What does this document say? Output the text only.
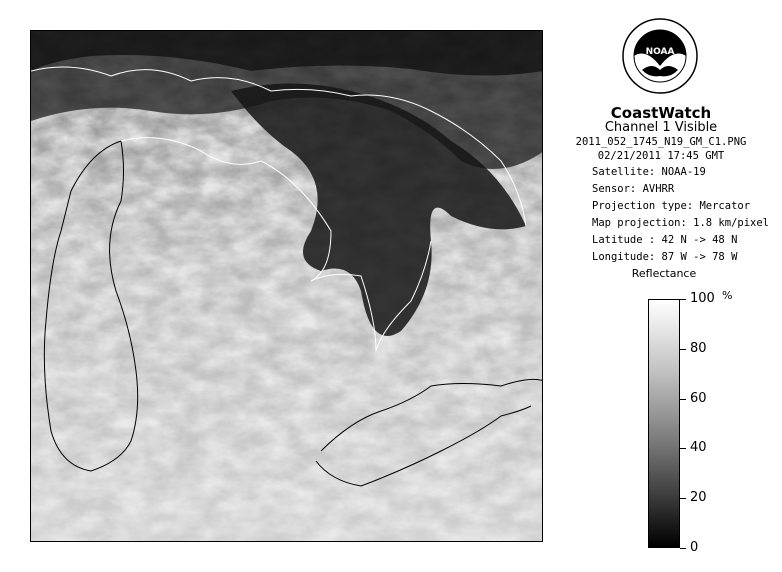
NOAA
CoastWatch
Channel 1 Visible
2011_052_1745_N19_GM_C1.PNG
02/21/2011 17:45 GMT
Satellite: NOAA-19
Sensor: AVHRR
Projection type: Mercator
Map projection: 1.8 km/pixel
Latitude : 42 N -> 48 N
Longitude: 87 W -> 78 W
Reflectance
%
100
80
60
40
20
0
